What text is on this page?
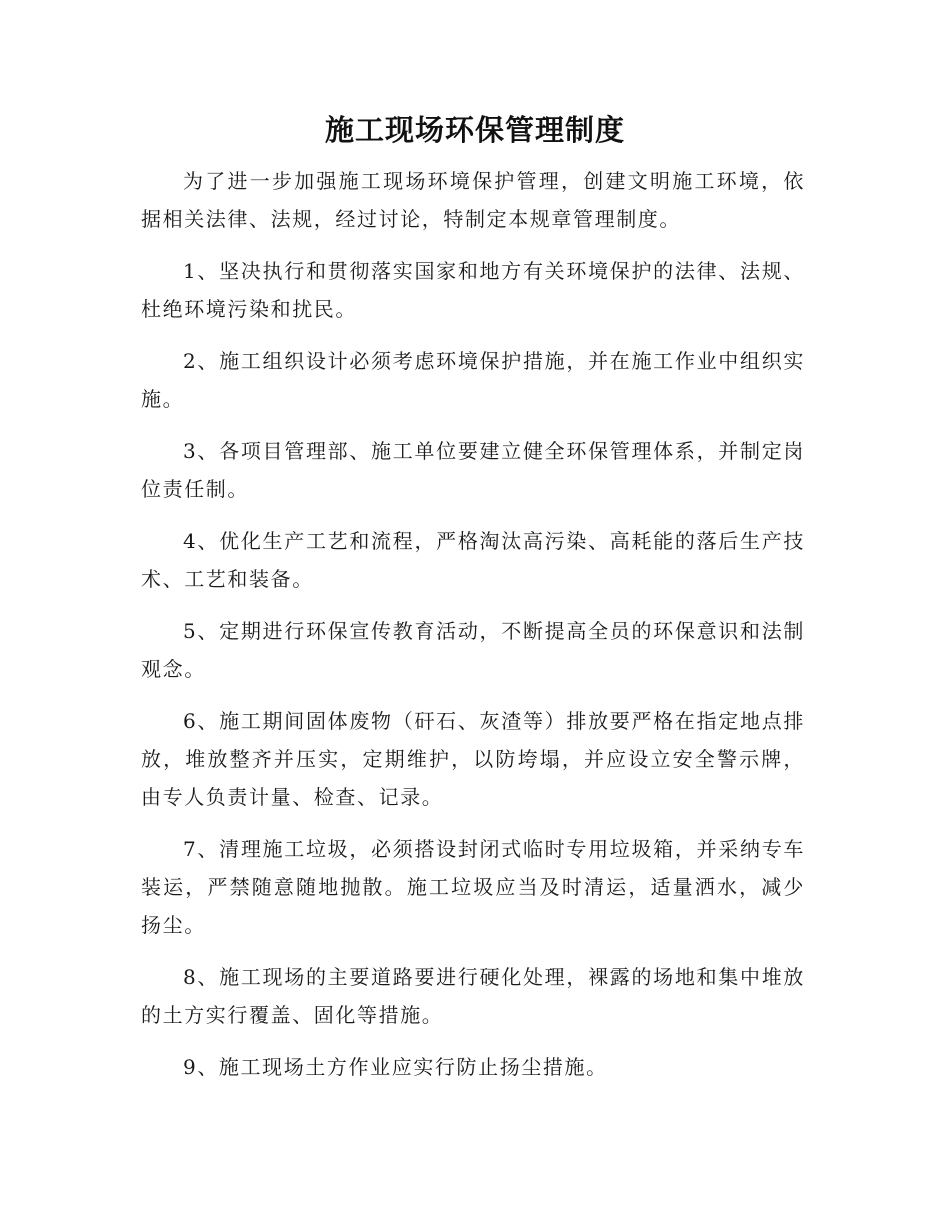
施工现场环保管理制度

为了进一步加强施工现场环境保护管理，创建文明施工环境，依据相关法律、法规，经过讨论，特制定本规章管理制度。

1、坚决执行和贯彻落实国家和地方有关环境保护的法律、法规、杜绝环境污染和扰民。

2、施工组织设计必须考虑环境保护措施，并在施工作业中组织实施。

3、各项目管理部、施工单位要建立健全环保管理体系，并制定岗位责任制。

4、优化生产工艺和流程，严格淘汰高污染、高耗能的落后生产技术、工艺和装备。

5、定期进行环保宣传教育活动，不断提高全员的环保意识和法制观念。

6、施工期间固体废物（矸石、灰渣等）排放要严格在指定地点排放，堆放整齐并压实，定期维护，以防垮塌，并应设立安全警示牌，由专人负责计量、检查、记录。

7、清理施工垃圾，必须搭设封闭式临时专用垃圾箱，并采纳专车装运，严禁随意随地抛散。施工垃圾应当及时清运，适量洒水，减少扬尘。

8、施工现场的主要道路要进行硬化处理，裸露的场地和集中堆放的土方实行覆盖、固化等措施。

9、施工现场土方作业应实行防止扬尘措施。
